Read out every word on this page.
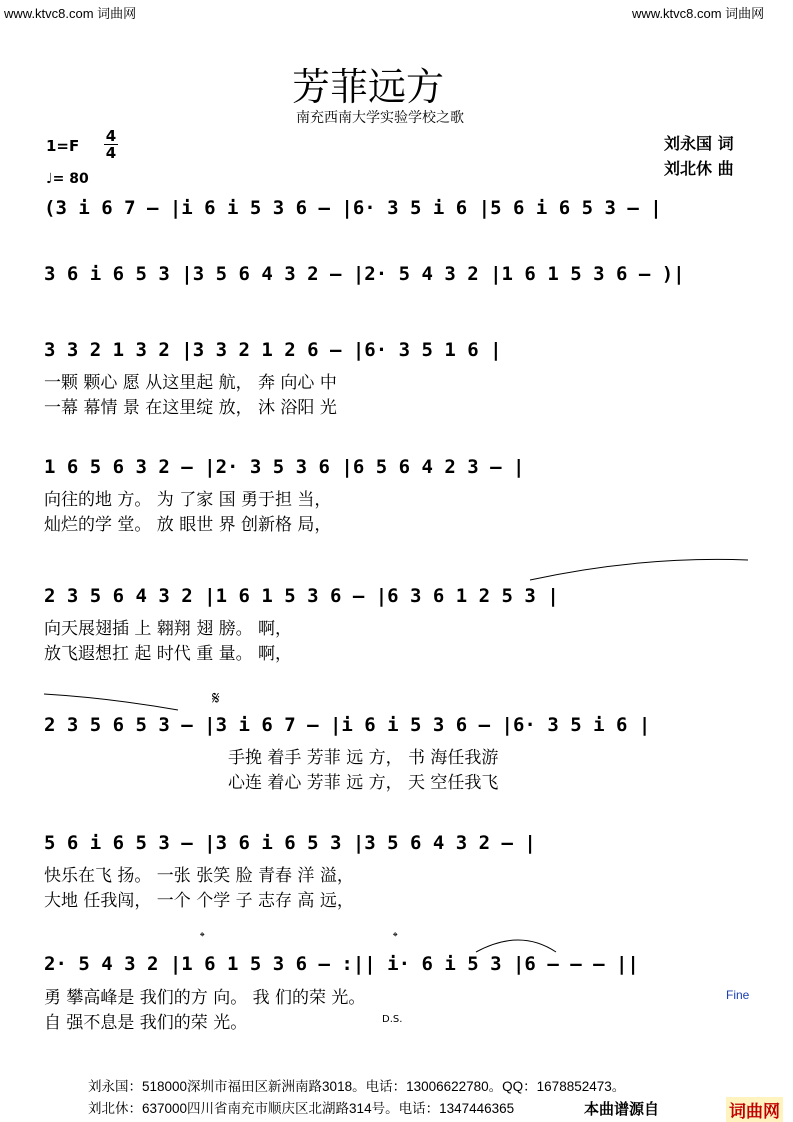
www.ktvc8.com 词曲网	www.ktvc8.com 词曲网
芳菲远方
南充西南大学实验学校之歌
刘永国 词
刘北休 曲
1=F
4
4
♩= 80
(3 i 6 7 – |i 6 i 5 3 6 – |6· 3 5 i 6 |5 6 i 6 5 3 – |
3 6 i 6 5 3 |3 5 6 4 3 2 – |2· 5 4 3 2 |1 6 1 5 3 6 – )|
3 3 2 1 3 2 |3 3 2 1 2 6 – |6· 3 5 1 6 |
一颗 颗心 愿 从这里起 航， 奔 向心 中
一幕 幕情 景 在这里绽 放， 沐 浴阳 光
1 6 5 6 3 2 – |2· 3 5 3 6 |6 5 6 4 2 3 – |
向往的地 方。 为 了家 国 勇于担 当，
灿烂的学 堂。 放 眼世 界 创新格 局，
2 3 5 6 4 3 2 |1 6 1 5 3 6 – |6 3 6 1 2 5 3 |
向天展翅插 上 翱翔 翅 膀。 啊，
放飞遐想扛 起 时代 重 量。 啊，
𝄋
2 3 5 6 5 3 – |3 i 6 7 – |i 6 i 5 3 6 – |6· 3 5 i 6 |
手挽 着手 芳菲 远 方， 书 海任我游
心连 着心 芳菲 远 方， 天 空任我飞
5 6 i 6 5 3 – |3 6 i 6 5 3 |3 5 6 4 3 2 – |
快乐在飞 扬。 一张 张笑 脸 青春 洋 溢，
大地 任我闯， 一个 个学 子 志存 高 远，
𝄌	𝄌
2· 5 4 3 2 |1 6 1 5 3 6 – :|| i· 6 i 5 3 |6 – – – ||
勇 攀高峰是 我们的方 向。 我 们的荣 光。
自 强不息是 我们的荣 光。	D.S.
Fine
刘永国：518000深圳市福田区新洲南路3018。电话：13006622780。QQ：1678852473。
刘北休：637000四川省南充市顺庆区北湖路314号。电话：1347446365	本曲谱源自	词曲网
